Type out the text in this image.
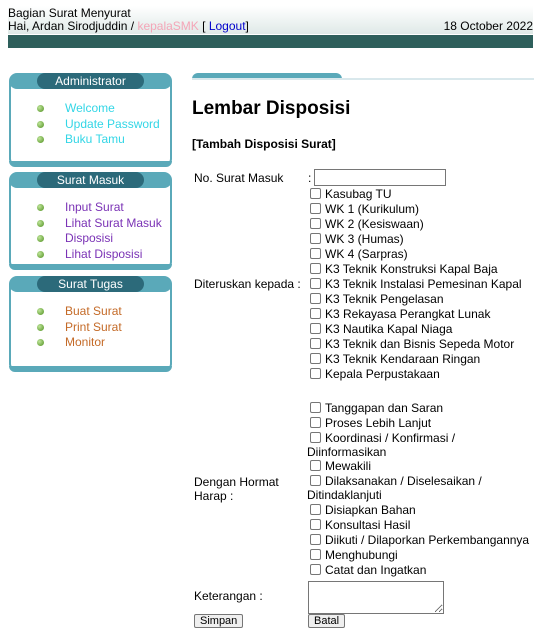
Bagian Surat Menyurat
Hai, Ardan Sirodjuddin / kepalaSMK [ Logout]	18 October 2022
Administrator
Welcome
Update Password
Buku Tamu
Surat Masuk
Input Surat
Lihat Surat Masuk
Disposisi
Lihat Disposisi
Surat Tugas
Buat Surat
Print Surat
Monitor
Lembar Disposisi
[Tambah Disposisi Surat]
No. Surat Masuk :
Diteruskan kepada :
Kasubag TU
WK 1 (Kurikulum)
WK 2 (Kesiswaan)
WK 3 (Humas)
WK 4 (Sarpras)
K3 Teknik Konstruksi Kapal Baja
K3 Teknik Instalasi Pemesinan Kapal
K3 Teknik Pengelasan
K3 Rekayasa Perangkat Lunak
K3 Nautika Kapal Niaga
K3 Teknik dan Bisnis Sepeda Motor
K3 Teknik Kendaraan Ringan
Kepala Perpustakaan
Dengan Hormat
Harap :
Tanggapan dan Saran
Proses Lebih Lanjut
Koordinasi / Konfirmasi /
Diinformasikan
Mewakili
Dilaksanakan / Diselesaikan /
Ditindaklanjuti
Disiapkan Bahan
Konsultasi Hasil
Diikuti / Dilaporkan Perkembangannya
Menghubungi
Catat dan Ingatkan
Keterangan :
Simpan	Batal
